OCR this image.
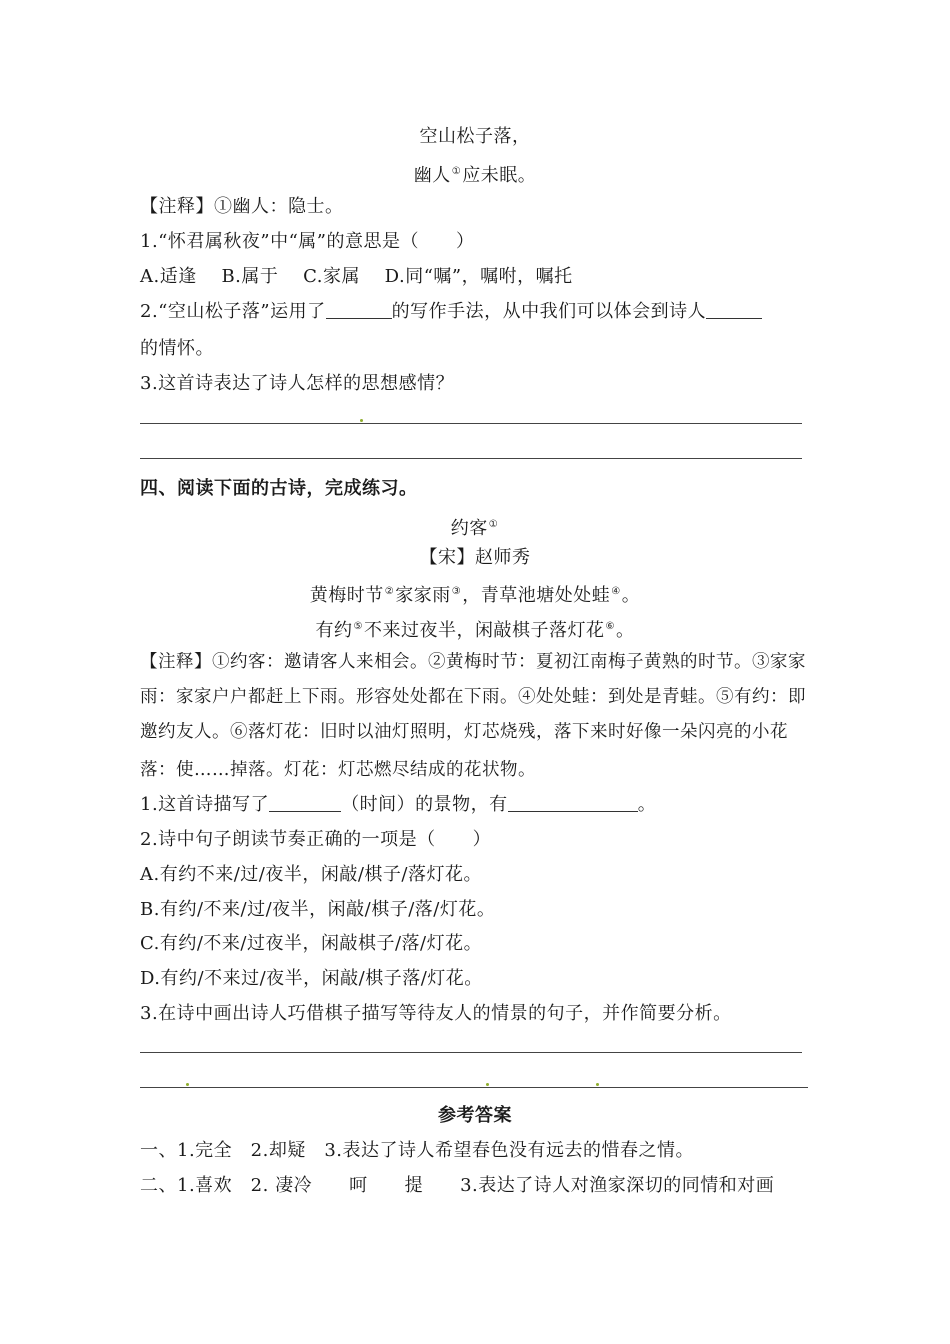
空山松子落，
幽人①应未眠。
【注释】①幽人：隐士。
1.“怀君属秋夜”中“属”的意思是（　　）
A.适逢　 B.属于　 C.家属　 D.同“嘱”，嘱咐，嘱托
2.“空山松子落”运用了	的写作手法，从中我们可以体会到诗人
的情怀。
3.这首诗表达了诗人怎样的思想感情？
四、阅读下面的古诗，完成练习。
约客①
【宋】赵师秀
黄梅时节②家家雨③，青草池塘处处蛙④。
有约⑤不来过夜半，闲敲棋子落灯花⑥。
【注释】①约客：邀请客人来相会。②黄梅时节：夏初江南梅子黄熟的时节。③家家
雨：家家户户都赶上下雨。形容处处都在下雨。④处处蛙：到处是青蛙。⑤有约：即
邀约友人。⑥落灯花：旧时以油灯照明，灯芯烧残，落下来时好像一朵闪亮的小花
落：使……掉落。灯花：灯芯燃尽结成的花状物。
1.这首诗描写了	（时间）的景物，有	。
2.诗中句子朗读节奏正确的一项是（　　）
A.有约不来/过/夜半，闲敲/棋子/落灯花。
B.有约/不来/过/夜半，闲敲/棋子/落/灯花。
C.有约/不来/过夜半，闲敲棋子/落/灯花。
D.有约/不来过/夜半，闲敲/棋子落/灯花。
3.在诗中画出诗人巧借棋子描写等待友人的情景的句子，并作简要分析。
参考答案
一、1.完全　2.却疑　3.表达了诗人希望春色没有远去的惜春之情。
二、1.喜欢　2. 凄冷　　呵　　提　　3.表达了诗人对渔家深切的同情和对画
